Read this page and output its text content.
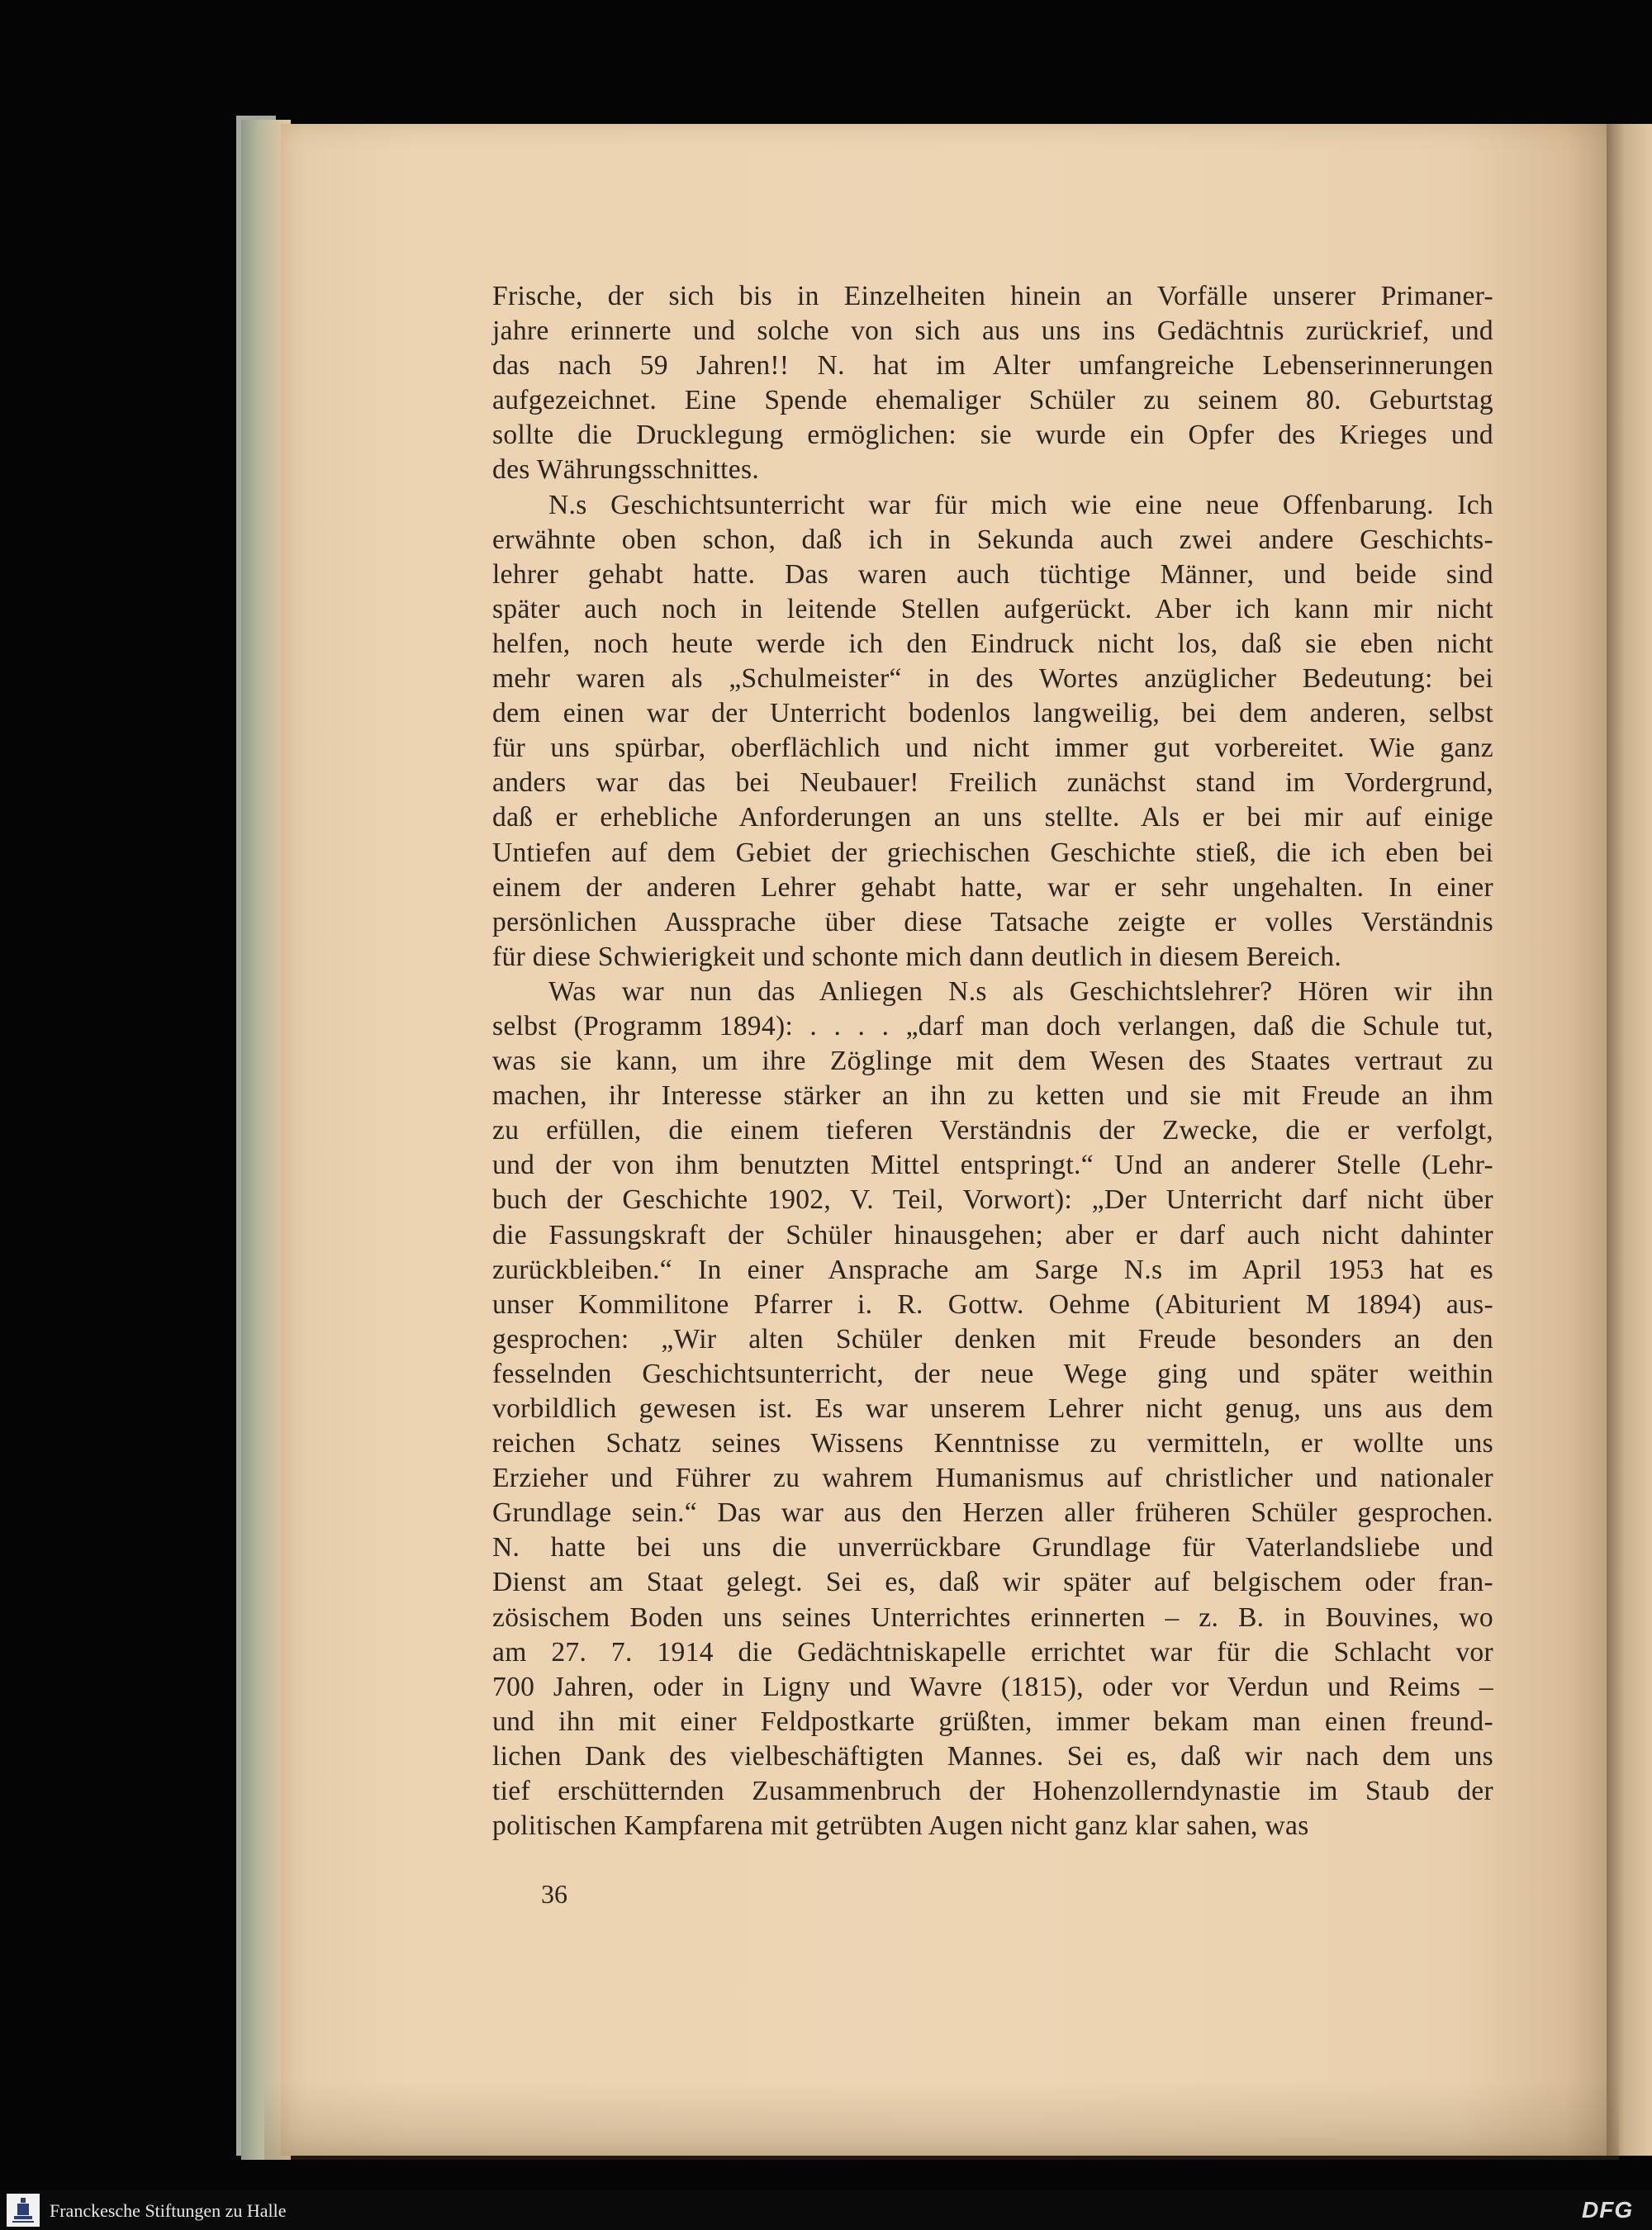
Frische, der sich bis in Einzelheiten hinein an Vorfälle unserer Primaner-
jahre erinnerte und solche von sich aus uns ins Gedächtnis zurückrief, und
das nach 59 Jahren!! N. hat im Alter umfangreiche Lebenserinnerungen
aufgezeichnet. Eine Spende ehemaliger Schüler zu seinem 80. Geburtstag
sollte die Drucklegung ermöglichen: sie wurde ein Opfer des Krieges und
des Währungsschnittes.
N.s Geschichtsunterricht war für mich wie eine neue Offenbarung. Ich
erwähnte oben schon, daß ich in Sekunda auch zwei andere Geschichts-
lehrer gehabt hatte. Das waren auch tüchtige Männer, und beide sind
später auch noch in leitende Stellen aufgerückt. Aber ich kann mir nicht
helfen, noch heute werde ich den Eindruck nicht los, daß sie eben nicht
mehr waren als „Schulmeister“ in des Wortes anzüglicher Bedeutung: bei
dem einen war der Unterricht bodenlos langweilig, bei dem anderen, selbst
für uns spürbar, oberflächlich und nicht immer gut vorbereitet. Wie ganz
anders war das bei Neubauer! Freilich zunächst stand im Vordergrund,
daß er erhebliche Anforderungen an uns stellte. Als er bei mir auf einige
Untiefen auf dem Gebiet der griechischen Geschichte stieß, die ich eben bei
einem der anderen Lehrer gehabt hatte, war er sehr ungehalten. In einer
persönlichen Aussprache über diese Tatsache zeigte er volles Verständnis
für diese Schwierigkeit und schonte mich dann deutlich in diesem Bereich.
Was war nun das Anliegen N.s als Geschichtslehrer? Hören wir ihn
selbst (Programm 1894): . . . . „darf man doch verlangen, daß die Schule tut,
was sie kann, um ihre Zöglinge mit dem Wesen des Staates vertraut zu
machen, ihr Interesse stärker an ihn zu ketten und sie mit Freude an ihm
zu erfüllen, die einem tieferen Verständnis der Zwecke, die er verfolgt,
und der von ihm benutzten Mittel entspringt.“ Und an anderer Stelle (Lehr-
buch der Geschichte 1902, V. Teil, Vorwort): „Der Unterricht darf nicht über
die Fassungskraft der Schüler hinausgehen; aber er darf auch nicht dahinter
zurückbleiben.“ In einer Ansprache am Sarge N.s im April 1953 hat es
unser Kommilitone Pfarrer i. R. Gottw. Oehme (Abiturient M 1894) aus-
gesprochen: „Wir alten Schüler denken mit Freude besonders an den
fesselnden Geschichtsunterricht, der neue Wege ging und später weithin
vorbildlich gewesen ist. Es war unserem Lehrer nicht genug, uns aus dem
reichen Schatz seines Wissens Kenntnisse zu vermitteln, er wollte uns
Erzieher und Führer zu wahrem Humanismus auf christlicher und nationaler
Grundlage sein.“ Das war aus den Herzen aller früheren Schüler gesprochen.
N. hatte bei uns die unverrückbare Grundlage für Vaterlandsliebe und
Dienst am Staat gelegt. Sei es, daß wir später auf belgischem oder fran-
zösischem Boden uns seines Unterrichtes erinnerten – z. B. in Bouvines, wo
am 27. 7. 1914 die Gedächtniskapelle errichtet war für die Schlacht vor
700 Jahren, oder in Ligny und Wavre (1815), oder vor Verdun und Reims –
und ihn mit einer Feldpostkarte grüßten, immer bekam man einen freund-
lichen Dank des vielbeschäftigten Mannes. Sei es, daß wir nach dem uns
tief erschütternden Zusammenbruch der Hohenzollerndynastie im Staub der
politischen Kampfarena mit getrübten Augen nicht ganz klar sahen, was
36
Franckesche Stiftungen zu Halle	DFG
